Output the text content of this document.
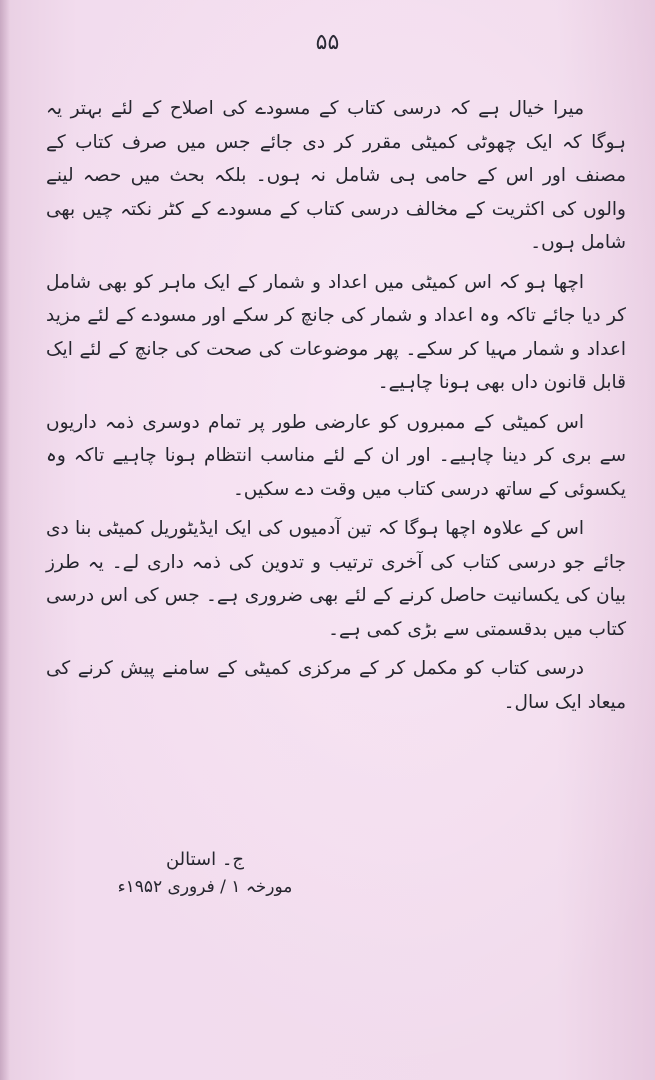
۵۵

میرا خیال ہے کہ درسی کتاب کے مسودے کی اصلاح کے لئے بہتر یہ ہوگا کہ ایک چھوٹی کمیٹی مقرر کر دی جائے جس میں صرف کتاب کے مصنف اور اس کے حامی ہی شامل نہ ہوں۔ بلکہ بحث میں حصہ لینے والوں کی اکثریت کے مخالف درسی کتاب کے مسودے کے کٹر نکتہ چیں بھی شامل ہوں۔

اچھا ہو کہ اس کمیٹی میں اعداد و شمار کے ایک ماہر کو بھی شامل کر دیا جائے تاکہ وہ اعداد و شمار کی جانچ کر سکے اور مسودے کے لئے مزید اعداد و شمار مہیا کر سکے۔ پھر موضوعات کی صحت کی جانچ کے لئے ایک قابل قانون داں بھی ہونا چاہیے۔

اس کمیٹی کے ممبروں کو عارضی طور پر تمام دوسری ذمہ داریوں سے بری کر دینا چاہیے۔ اور ان کے لئے مناسب انتظام ہونا چاہیے تاکہ وہ یکسوئی کے ساتھ درسی کتاب میں وقت دے سکیں۔

اس کے علاوہ اچھا ہوگا کہ تین آدمیوں کی ایک ایڈیٹوریل کمیٹی بنا دی جائے جو درسی کتاب کی آخری ترتیب و تدوین کی ذمہ داری لے۔ یہ طرز بیان کی یکسانیت حاصل کرنے کے لئے بھی ضروری ہے۔ جس کی اس درسی کتاب میں بدقسمتی سے بڑی کمی ہے۔

درسی کتاب کو مکمل کر کے مرکزی کمیٹی کے سامنے پیش کرنے کی میعاد ایک سال۔

ج۔ استالن
مورخہ ۱ / فروری ۱۹۵۲ء
